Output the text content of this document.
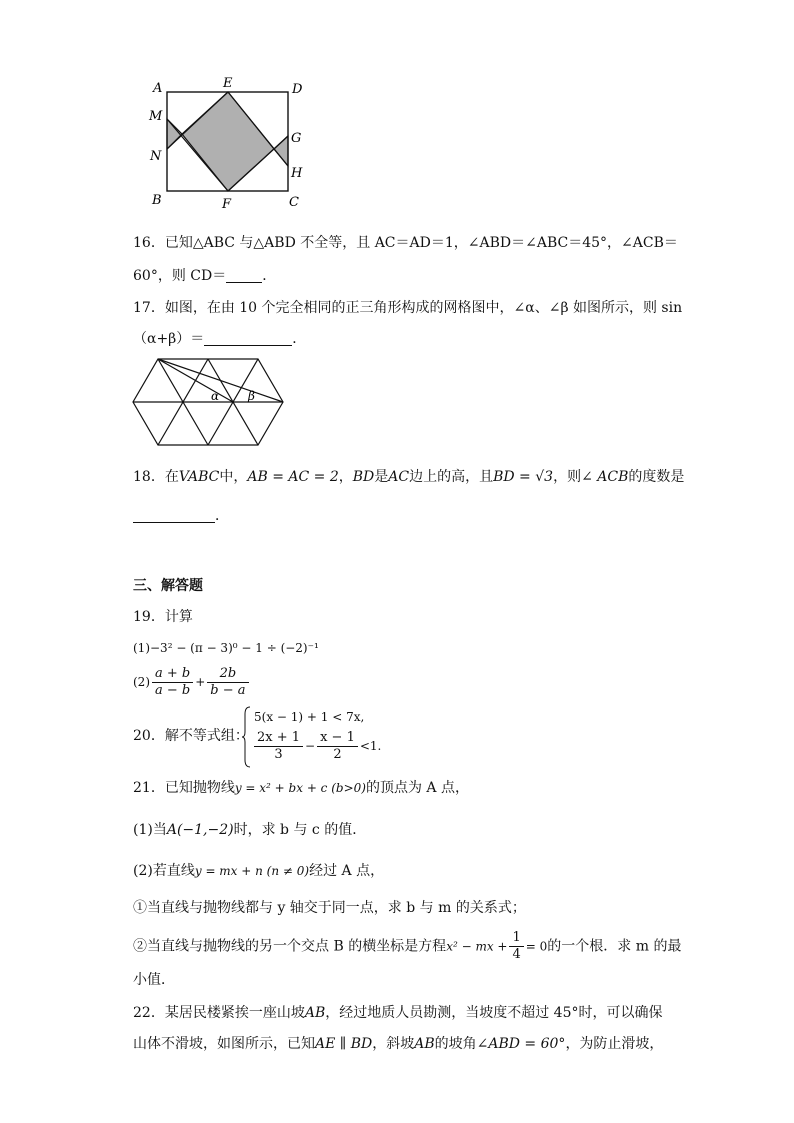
A	E	D
M
G
N
H
B	F	C
16．已知△ABC 与△ABD 不全等，且 AC＝AD＝1，∠ABD＝∠ABC＝45°，∠ACB＝
60°，则 CD＝	．
17．如图，在由 10 个完全相同的正三角形构成的网格图中，∠α、∠β 如图所示，则 sin
（α+β）＝	．
α β
18．在VABC中，AB = AC = 2，BD是AC边上的高，且BD = √3，则∠ ACB的度数是
．
三、解答题
19．计算
(1)−3² − (π − 3)⁰ − 1 ÷ (−2)⁻¹
$(2) \frac{a + b}{a - b} + \frac{2b}{b - a}$
20．解不等式组：
5(x − 1) + 1 < 7x,
$\frac{2x + 1}{3} - \frac{x - 1}{2} <1$.
21．已知抛物线y = x² + bx + c (b>0)的顶点为 A 点，
(1)当A(−1,−2)时，求 b 与 c 的值．
(2)若直线y = mx + n (n ≠ 0)经过 A 点，
①当直线与抛物线都与 y 轴交于同一点，求 b 与 m 的关系式；
②当直线与抛物线的另一个交点 B 的横坐标是方程x² − mx + $\frac{1}{4} = 0$的一个根．求 m 的最
小值．
22．某居民楼紧挨一座山坡AB，经过地质人员勘测，当坡度不超过 45°时，可以确保
山体不滑坡，如图所示，已知AE ∥ BD，斜坡AB的坡角∠ABD = 60°，为防止滑坡，
